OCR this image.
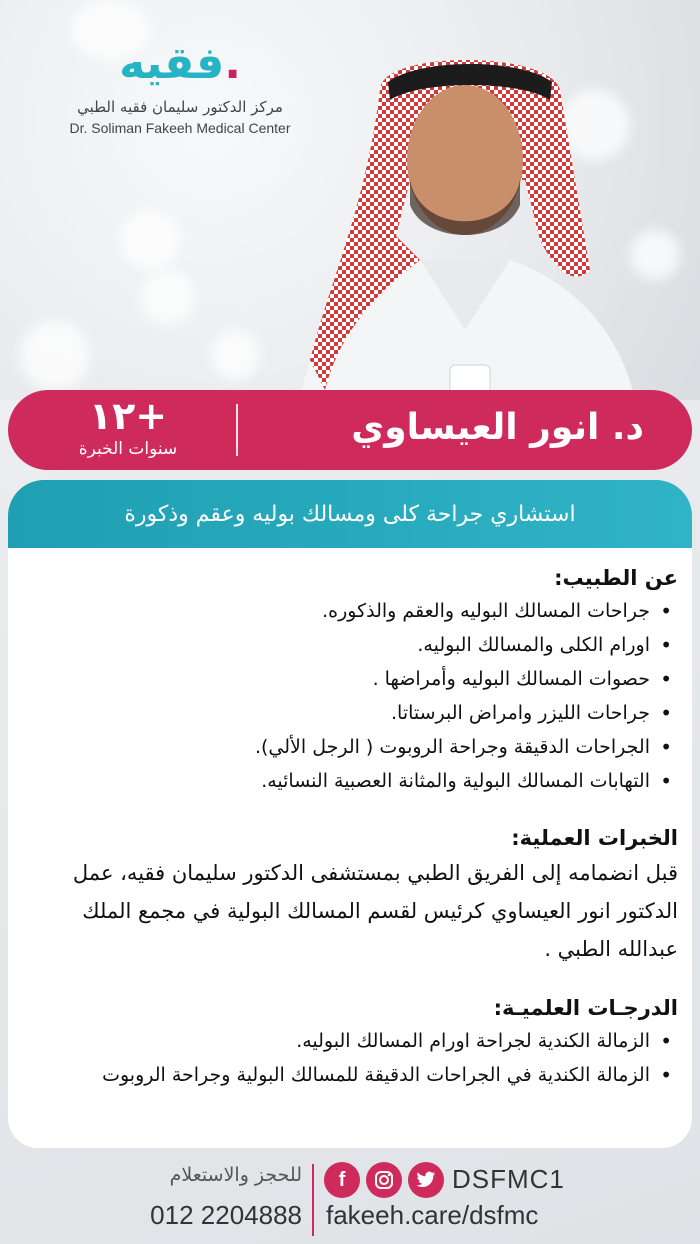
فقيه.
مركز الدكتور سليمان فقيه الطبي
Dr. Soliman Fakeeh Medical Center
د. انور العيساوي
١٢+
سنوات الخبرة
استشاري جراحة كلى ومسالك بوليه وعقم وذكورة
عن الطبيب:
• جراحات المسالك البوليه والعقم والذكوره.
• اورام الكلى والمسالك البوليه.
• حصوات المسالك البوليه وأمراضها .
• جراحات الليزر وامراض البرستاتا.
• الجراحات الدقيقة وجراحة الروبوت ( الرجل الألي).
• التهابات المسالك البولية والمثانة العصبية النسائيه.
الخبرات العملية:
قبل انضمامه إلى الفريق الطبي بمستشفى الدكتور سليمان فقيه، عمل الدكتور انور العيساوي كرئيس لقسم المسالك البولية في مجمع الملك عبدالله الطبي .
الدرجـات العلميـة:
• الزمالة الكندية لجراحة اورام المسالك البوليه.
• الزمالة الكندية في الجراحات الدقيقة للمسالك البولية وجراحة الروبوت
للحجز والاستعلام
012 2204888
f	DSFMC1
fakeeh.care/dsfmc
